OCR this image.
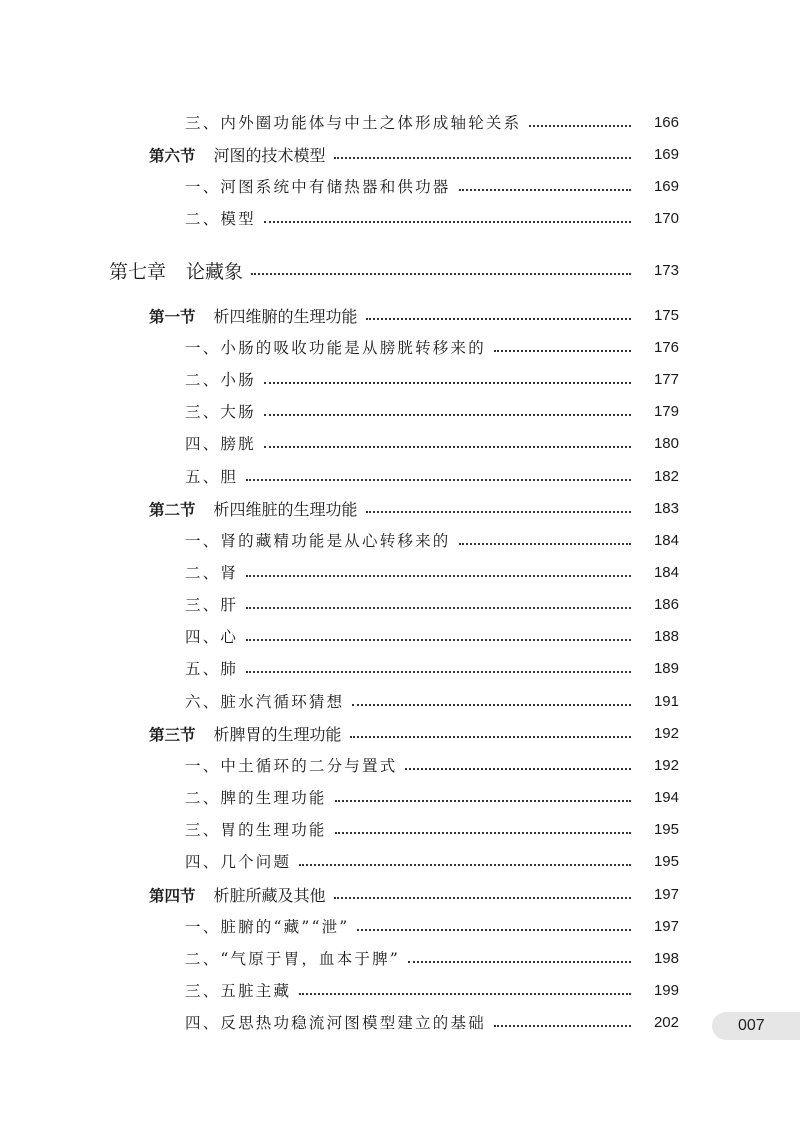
三、内外圈功能体与中土之体形成轴轮关系	166
第六节 河图的技术模型	169
一、河图系统中有储热器和供功器	169
二、模型	170
第七章 论藏象	173
第一节 析四维腑的生理功能	175
一、小肠的吸收功能是从膀胱转移来的	176
二、小肠	177
三、大肠	179
四、膀胱	180
五、胆	182
第二节 析四维脏的生理功能	183
一、肾的藏精功能是从心转移来的	184
二、肾	184
三、肝	186
四、心	188
五、肺	189
六、脏水汽循环猜想	191
第三节 析脾胃的生理功能	192
一、中土循环的二分与置式	192
二、脾的生理功能	194
三、胃的生理功能	195
四、几个问题	195
第四节 析脏所藏及其他	197
一、脏腑的“藏”“泄”	197
二、“气原于胃，血本于脾”	198
三、五脏主藏	199
四、反思热功稳流河图模型建立的基础	202	007
